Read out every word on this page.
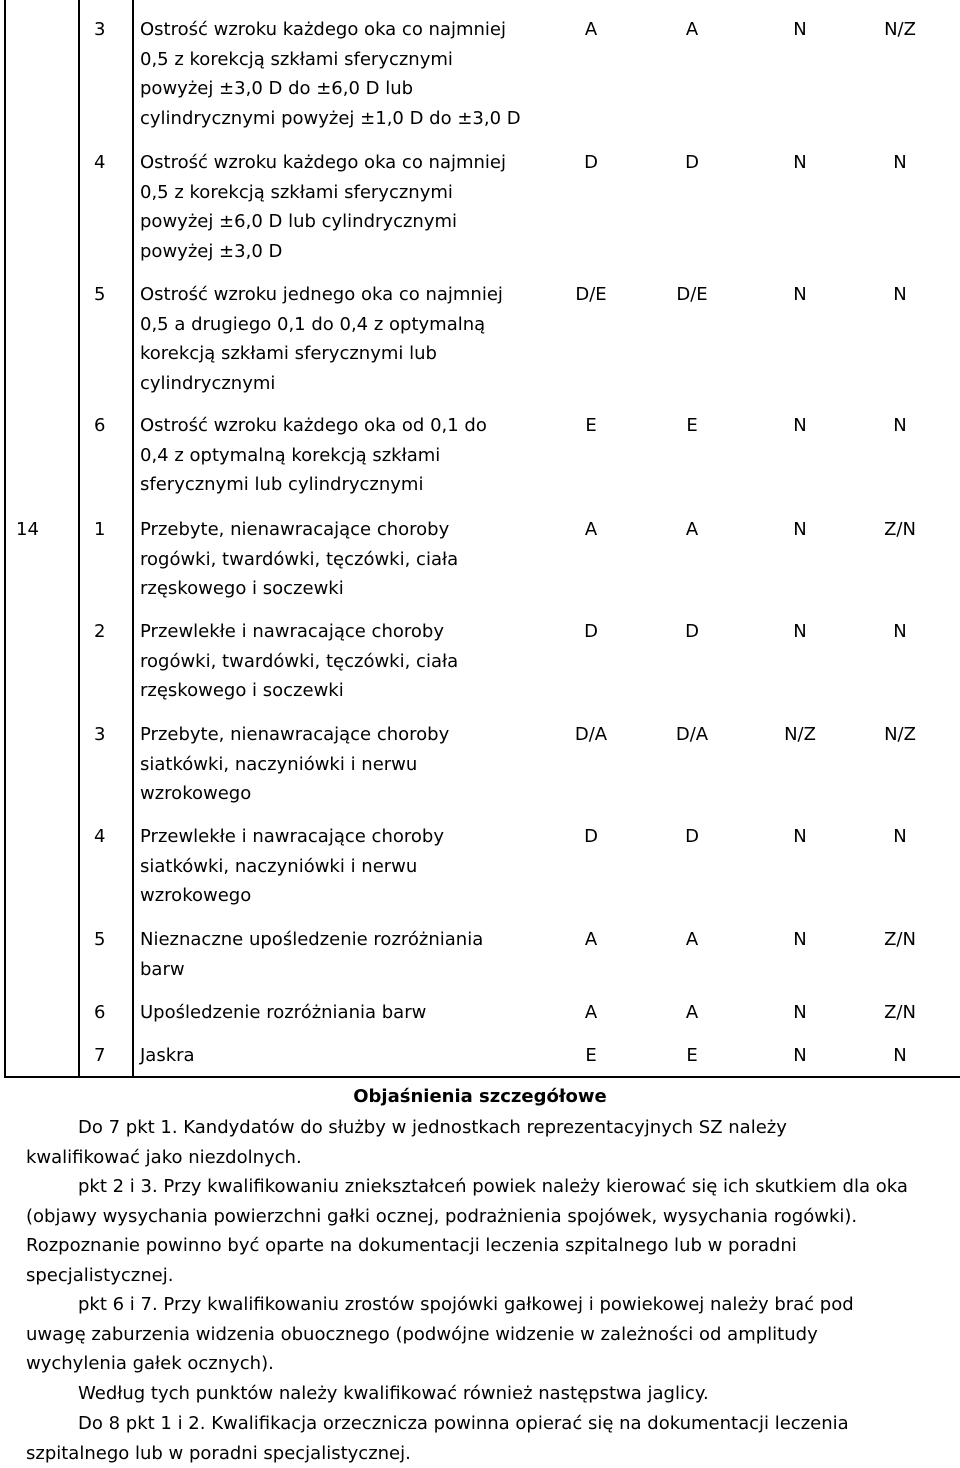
3	Ostrość wzroku każdego oka co najmniej
0,5 z korekcją szkłami sferycznymi
powyżej ±3,0 D do ±6,0 D lub
cylindrycznymi powyżej ±1,0 D do ±3,0 D
A	A	N	N/Z
4	Ostrość wzroku każdego oka co najmniej
0,5 z korekcją szkłami sferycznymi
powyżej ±6,0 D lub cylindrycznymi
powyżej ±3,0 D
D	D	N	N
5	Ostrość wzroku jednego oka co najmniej
0,5 a drugiego 0,1 do 0,4 z optymalną
korekcją szkłami sferycznymi lub
cylindrycznymi
D/E	D/E	N	N
6	Ostrość wzroku każdego oka od 0,1 do
0,4 z optymalną korekcją szkłami
sferycznymi lub cylindrycznymi
E	E	N	N
14	1	Przebyte, nienawracające choroby
rogówki, twardówki, tęczówki, ciała
rzęskowego i soczewki
A	A	N	Z/N
2	Przewlekłe i nawracające choroby
rogówki, twardówki, tęczówki, ciała
rzęskowego i soczewki
D	D	N	N
3	Przebyte, nienawracające choroby
siatkówki, naczyniówki i nerwu
wzrokowego
D/A	D/A	N/Z	N/Z
4	Przewlekłe i nawracające choroby
siatkówki, naczyniówki i nerwu
wzrokowego
D	D	N	N
5	Nieznaczne upośledzenie rozróżniania
barw
A	A	N	Z/N
6	Upośledzenie rozróżniania barw	A	A	N	Z/N
7	Jaskra	E	E	N	N
Objaśnienia szczegółowe
Do 7 pkt 1. Kandydatów do służby w jednostkach reprezentacyjnych SZ należy
kwalifikować jako niezdolnych.
pkt 2 i 3. Przy kwalifikowaniu zniekształceń powiek należy kierować się ich skutkiem dla oka
(objawy wysychania powierzchni gałki ocznej, podrażnienia spojówek, wysychania rogówki).
Rozpoznanie powinno być oparte na dokumentacji leczenia szpitalnego lub w poradni
specjalistycznej.
pkt 6 i 7. Przy kwalifikowaniu zrostów spojówki gałkowej i powiekowej należy brać pod
uwagę zaburzenia widzenia obuocznego (podwójne widzenie w zależności od amplitudy
wychylenia gałek ocznych).
Według tych punktów należy kwalifikować również następstwa jaglicy.
Do 8 pkt 1 i 2. Kwalifikacja orzecznicza powinna opierać się na dokumentacji leczenia
szpitalnego lub w poradni specjalistycznej.
